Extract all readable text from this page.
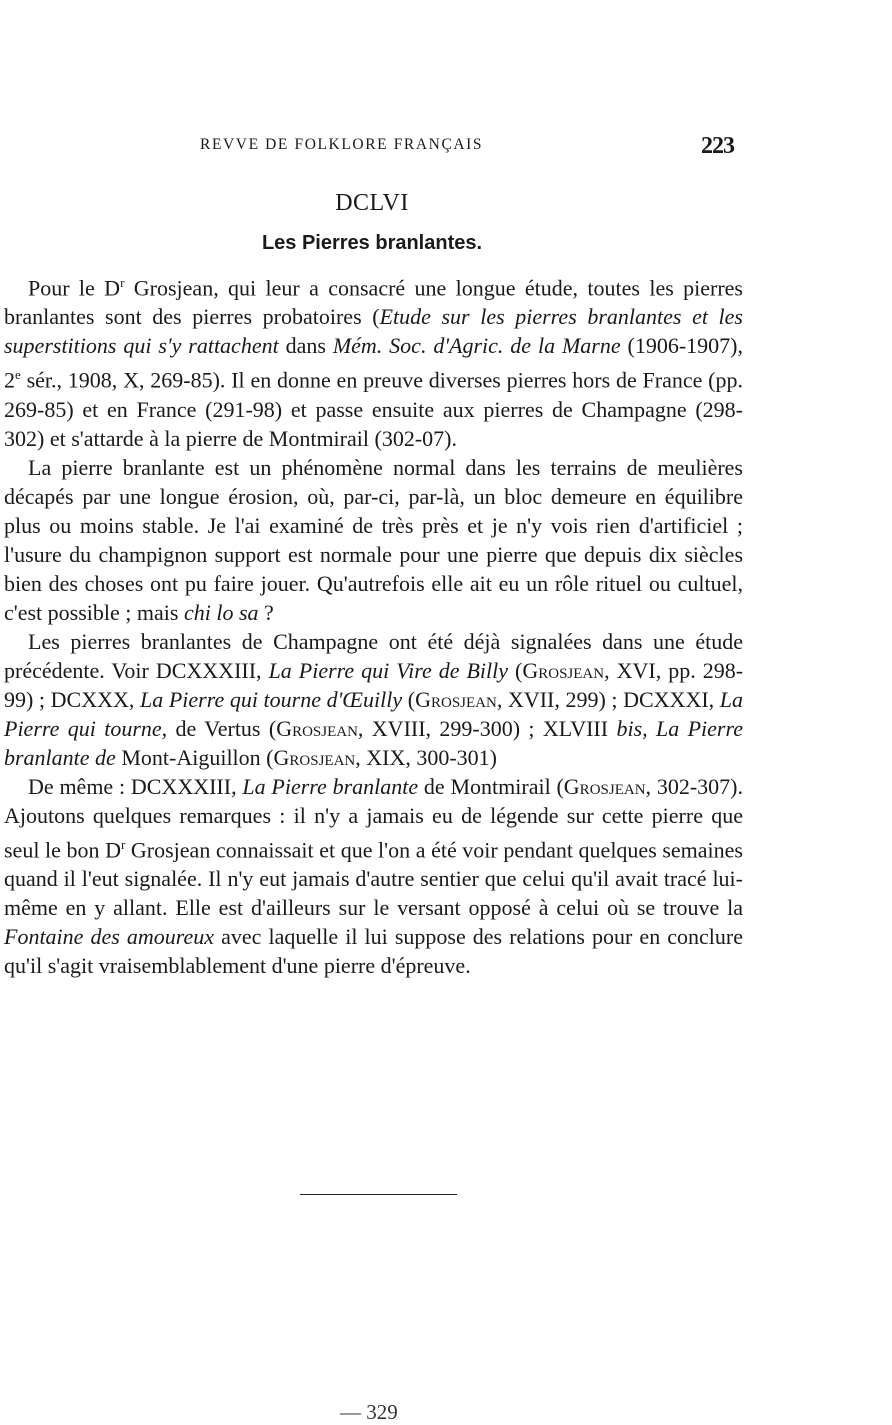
REVVE DE FOLKLORE FRANÇAIS	223
DCLVI
Les Pierres branlantes.

Pour le $D^r$ Grosjean, qui leur a consacré une longue étude, toutes les pierres branlantes sont des pierres probatoires (Etude sur les pierres branlantes et les superstitions qui s'y rattachent dans Mém. Soc. d'Agric. de la Marne (1906-1907), 2e sér., 1908, X, 269-85). Il en donne en preuve diverses pierres hors de France (pp. 269-85) et en France (291-98) et passe ensuite aux pierres de Champagne (298-302) et s'attarde à la pierre de Montmirail (302-07).

La pierre branlante est un phénomène normal dans les terrains de meulières décapés par une longue érosion, où, par-ci, par-là, un bloc demeure en équilibre plus ou moins stable. Je l'ai examiné de très près et je n'y vois rien d'artificiel ; l'usure du champignon support est normale pour une pierre que depuis dix siècles bien des choses ont pu faire jouer. Qu'autrefois elle ait eu un rôle rituel ou cultuel, c'est possible ; mais chi lo sa ?

Les pierres branlantes de Champagne ont été déjà signalées dans une étude précédente. Voir DCXXXIII, La Pierre qui Vire de Billy (Grosjean, XVI, pp. 298-99) ; DCXXX, La Pierre qui tourne d'Œuilly (Grosjean, XVII, 299) ; DCXXXI, La Pierre qui tourne, de Vertus (Grosjean, XVIII, 299-300) ; XLVIII bis, La Pierre branlante de Mont-Aiguillon (Grosjean, XIX, 300-301)

De même : DCXXXIII, La Pierre branlante de Montmirail (Grosjean, 302-307). Ajoutons quelques remarques : il n'y a jamais eu de légende sur cette pierre que seul le bon $D^r$ Grosjean connaissait et que l'on a été voir pendant quelques semaines quand il l'eut signalée. Il n'y eut jamais d'autre sentier que celui qu'il avait tracé lui-même en y allant. Elle est d'ailleurs sur le versant opposé à celui où se trouve la Fontaine des amoureux avec laquelle il lui suppose des relations pour en conclure qu'il s'agit vraisemblablement d'une pierre d'épreuve.

— 329
